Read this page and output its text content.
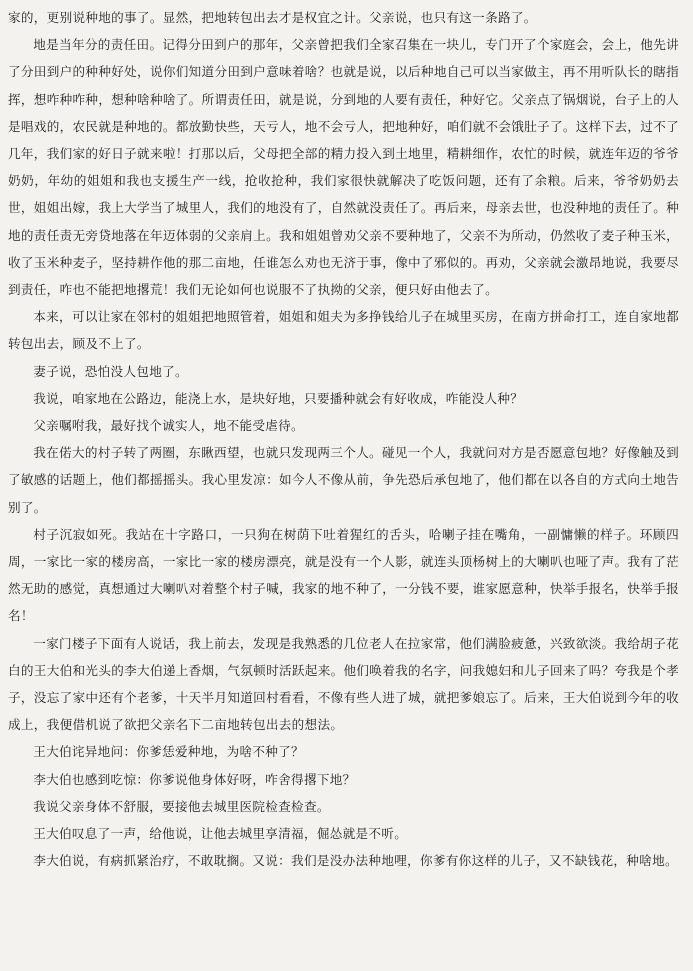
家的，更别说种地的事了。显然，把地转包出去才是权宜之计。父亲说，也只有这一条路了。

地是当年分的责任田。记得分田到户的那年，父亲曾把我们全家召集在一块儿，专门开了个家庭会，会上，他先讲了分田到户的种种好处，说你们知道分田到户意味着啥？也就是说，以后种地自己可以当家做主，再不用听队长的瞎指挥，想咋种咋种，想种啥种啥了。所谓责任田，就是说，分到地的人要有责任，种好它。父亲点了锅烟说，台子上的人是唱戏的，农民就是种地的。都放勤快些，天亏人，地不会亏人，把地种好，咱们就不会饿肚子了。这样下去，过不了几年，我们家的好日子就来啦！打那以后，父母把全部的精力投入到土地里，精耕细作，农忙的时候，就连年迈的爷爷奶奶，年幼的姐姐和我也支援生产一线，抢收抢种，我们家很快就解决了吃饭问题，还有了余粮。后来，爷爷奶奶去世，姐姐出嫁，我上大学当了城里人，我们的地没有了，自然就没责任了。再后来，母亲去世，也没种地的责任了。种地的责任责无旁贷地落在年迈体弱的父亲肩上。我和姐姐曾劝父亲不要种地了，父亲不为所动，仍然收了麦子种玉米，收了玉米种麦子，坚持耕作他的那二亩地，任谁怎么劝也无济于事，像中了邪似的。再劝，父亲就会激昂地说，我要尽到责任，咋也不能把地撂荒！我们无论如何也说服不了执拗的父亲，便只好由他去了。

本来，可以让家在邻村的姐姐把地照管着，姐姐和姐夫为多挣钱给儿子在城里买房，在南方拼命打工，连自家地都转包出去，顾及不上了。

妻子说，恐怕没人包地了。

我说，咱家地在公路边，能浇上水，是块好地，只要播种就会有好收成，咋能没人种？

父亲嘱咐我，最好找个诚实人，地不能受虐待。

我在偌大的村子转了两圈，东瞅西望，也就只发现两三个人。碰见一个人，我就问对方是否愿意包地？好像触及到了敏感的话题上，他们都摇摇头。我心里发凉：如今人不像从前，争先恐后承包地了，他们都在以各自的方式向土地告别了。

村子沉寂如死。我站在十字路口，一只狗在树荫下吐着猩红的舌头，哈喇子挂在嘴角，一副慵懒的样子。环顾四周，一家比一家的楼房高，一家比一家的楼房漂亮，就是没有一个人影，就连头顶杨树上的大喇叭也哑了声。我有了茫然无助的感觉，真想通过大喇叭对着整个村子喊，我家的地不种了，一分钱不要，谁家愿意种，快举手报名，快举手报名！

一家门楼子下面有人说话，我上前去，发现是我熟悉的几位老人在拉家常，他们满脸疲惫，兴致欲淡。我给胡子花白的王大伯和光头的李大伯递上香烟，气氛顿时活跃起来。他们唤着我的名字，问我媳妇和儿子回来了吗？夸我是个孝子，没忘了家中还有个老爹，十天半月知道回村看看，不像有些人进了城，就把爹娘忘了。后来，王大伯说到今年的收成上，我便借机说了欲把父亲名下二亩地转包出去的想法。

王大伯诧异地问：你爹恁爱种地，为啥不种了？

李大伯也感到吃惊：你爹说他身体好呀，咋舍得撂下地？

我说父亲身体不舒服，要接他去城里医院检查检查。

王大伯叹息了一声，给他说，让他去城里享清福，倔怂就是不听。

李大伯说，有病抓紧治疗，不敢耽搁。又说：我们是没办法种地哩，你爹有你这样的儿子，又不缺钱花，种啥地。
